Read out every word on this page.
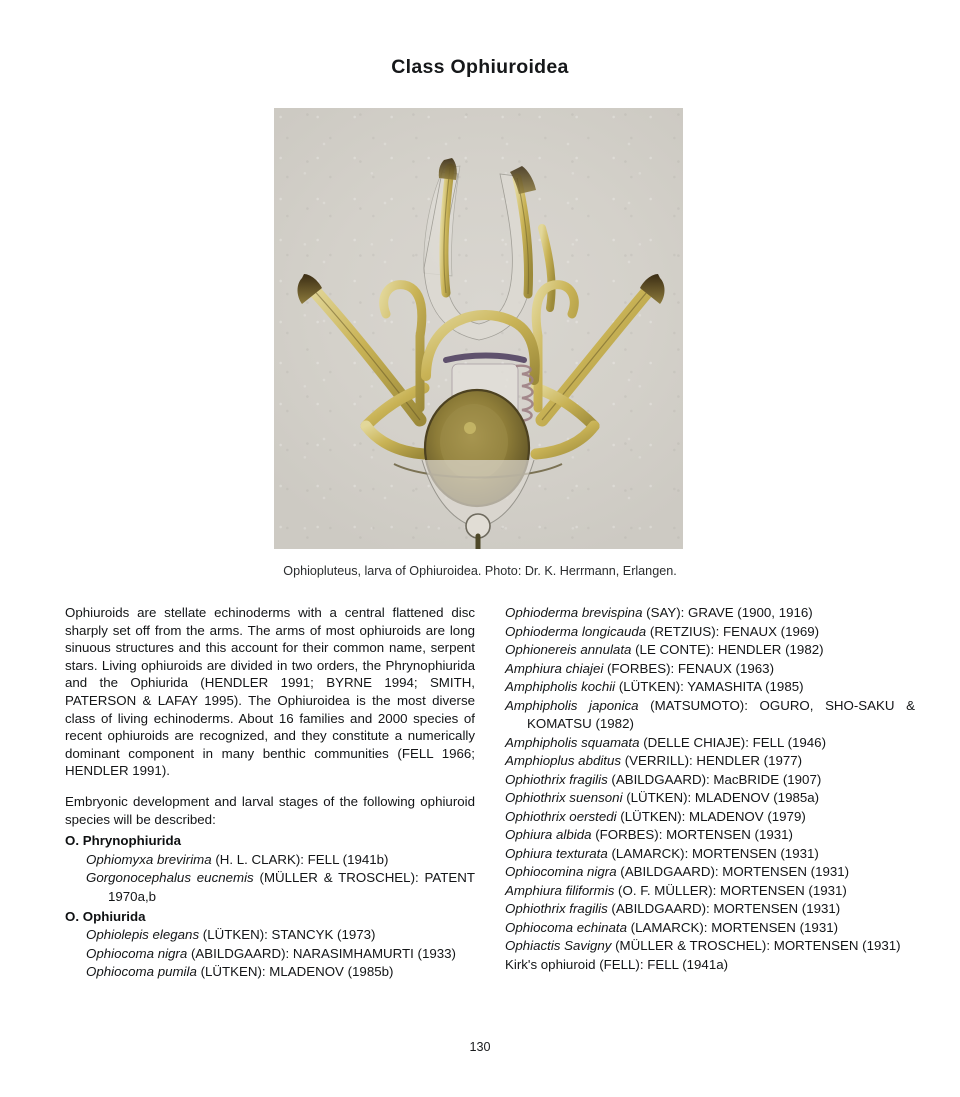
Class Ophiuroidea
Ophiopluteus, larva of Ophiuroidea. Photo: Dr. K. Herrmann, Erlangen.

Ophiuroids are stellate echinoderms with a central flattened disc sharply set off from the arms. The arms of most ophiuroids are long sinuous structures and this account for their common name, serpent stars. Living ophiuroids are divided in two orders, the Phrynophiurida and the Ophiurida (HENDLER 1991; BYRNE 1994; SMITH, PATERSON & LAFAY 1995). The Ophiuroidea is the most diverse class of living echinoderms. About 16 families and 2000 species of recent ophiuroids are recognized, and they constitute a numerically dominant component in many benthic communities (FELL 1966; HENDLER 1991).

Embryonic development and larval stages of the following ophiuroid species will be described:

O. Phrynophiurida
Ophiomyxa brevirima (H. L. CLARK): FELL (1941b)
Gorgonocephalus eucnemis (MÜLLER & TROSCHEL): PATENT 1970a,b
O. Ophiurida
Ophiolepis elegans (LÜTKEN): STANCYK (1973)
Ophiocoma nigra (ABILDGAARD): NARASIMHAMURTI (1933)
Ophiocoma pumila (LÜTKEN): MLADENOV (1985b)
Ophioderma brevispina (SAY): GRAVE (1900, 1916)
Ophioderma longicauda (RETZIUS): FENAUX (1969)
Ophionereis annulata (LE CONTE): HENDLER (1982)
Amphiura chiajei (FORBES): FENAUX (1963)
Amphipholis kochii (LÜTKEN): YAMASHITA (1985)
Amphipholis japonica (MATSUMOTO): OGURO, SHO-SAKU & KOMATSU (1982)
Amphipholis squamata (DELLE CHIAJE): FELL (1946)
Amphioplus abditus (VERRILL): HENDLER (1977)
Ophiothrix fragilis (ABILDGAARD): MacBRIDE (1907)
Ophiothrix suensoni (LÜTKEN): MLADENOV (1985a)
Ophiothrix oerstedi (LÜTKEN): MLADENOV (1979)
Ophiura albida (FORBES): MORTENSEN (1931)
Ophiura texturata (LAMARCK): MORTENSEN (1931)
Ophiocomina nigra (ABILDGAARD): MORTENSEN (1931)
Amphiura filiformis (O. F. MÜLLER): MORTENSEN (1931)
Ophiothrix fragilis (ABILDGAARD): MORTENSEN (1931)
Ophiocoma echinata (LAMARCK): MORTENSEN (1931)
Ophiactis Savigny (MÜLLER & TROSCHEL): MORTENSEN (1931)
Kirk's ophiuroid (FELL): FELL (1941a)
130
